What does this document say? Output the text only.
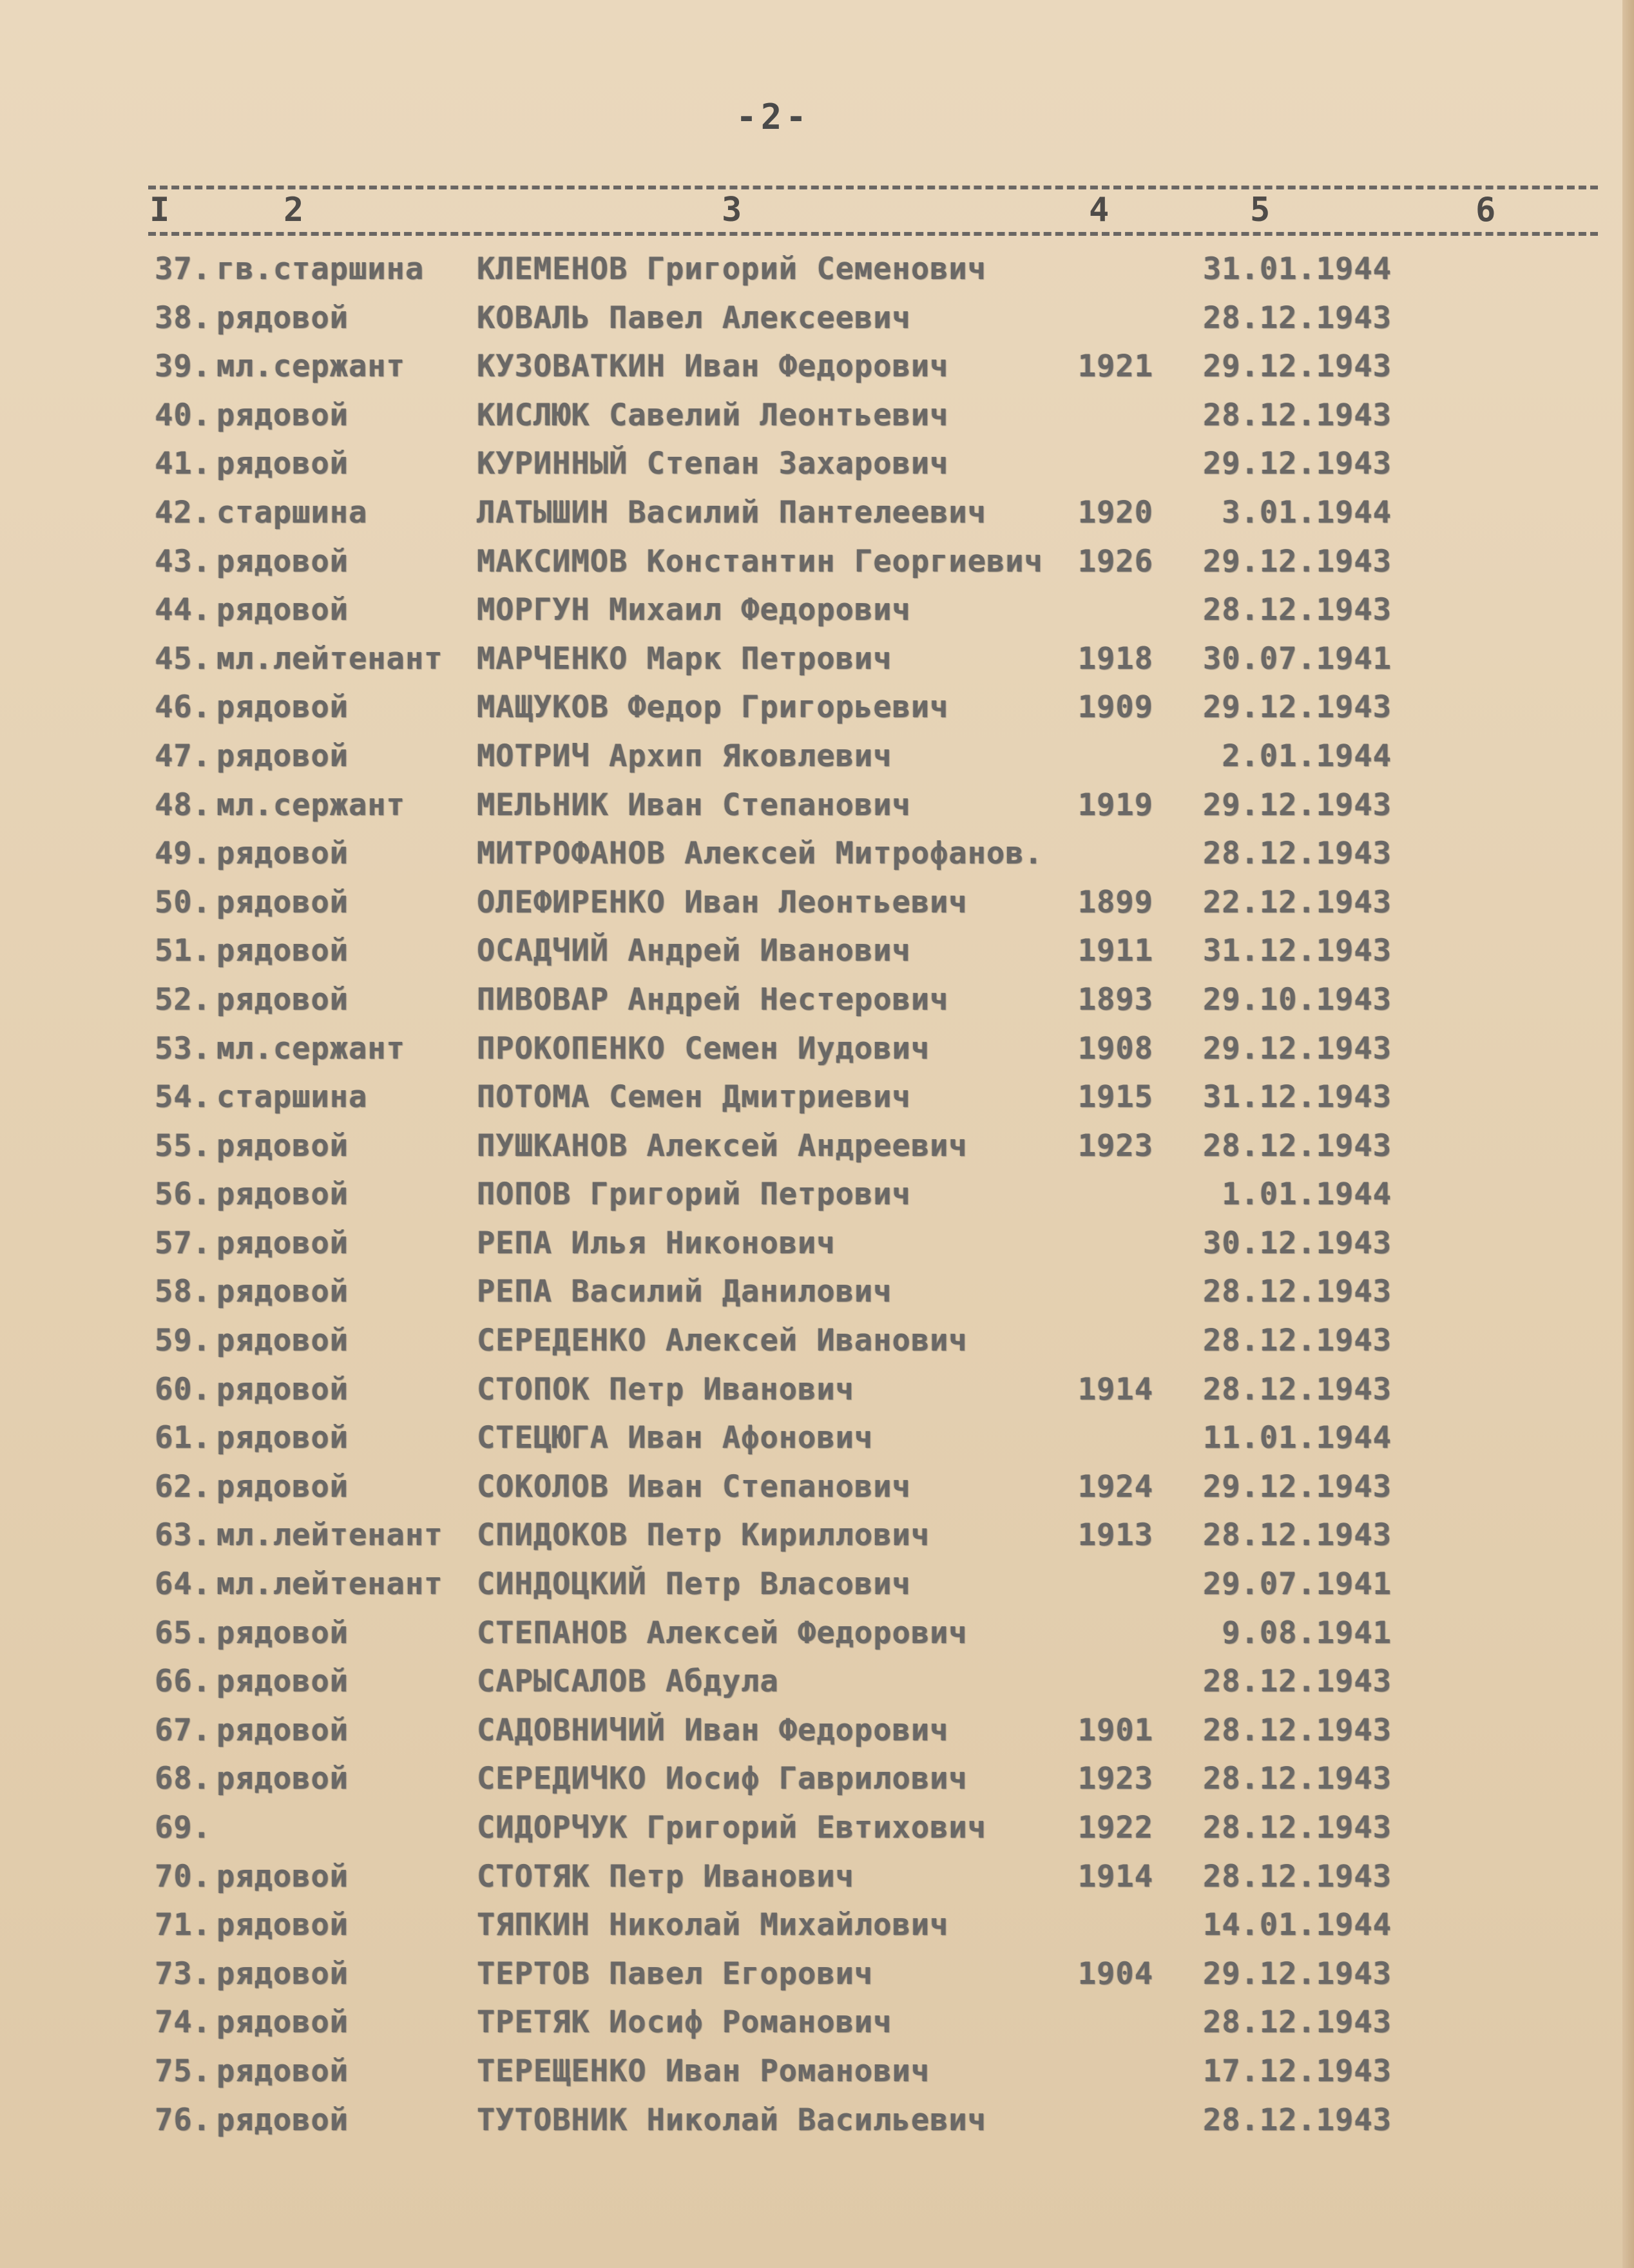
-2-
I	2	3	4	5	6
37. гв.старшина КЛЕМЕНОВ Григорий Семенович	31.01.1944
38. рядовой	КОВАЛЬ Павел Алексеевич	28.12.1943
39. мл.сержант КУЗОВАТКИН Иван Федорович	1921	29.12.1943
40. рядовой	КИСЛЮК Савелий Леонтьевич	28.12.1943
41. рядовой	КУРИННЫЙ Степан Захарович	29.12.1943
42. старшина	ЛАТЫШИН Василий Пантелеевич	1920	3.01.1944
43. рядовой	МАКСИМОВ Константин Георгиевич	1926	29.12.1943
44. рядовой	МОРГУН Михаил Федорович	28.12.1943
45. мл.лейтенант МАРЧЕНКО Марк Петрович	1918	30.07.1941
46. рядовой	МАЩУКОВ Федор Григорьевич	1909	29.12.1943
47. рядовой	МОТРИЧ Архип Яковлевич	2.01.1944
48. мл.сержант МЕЛЬНИК Иван Степанович	1919	29.12.1943
49. рядовой	МИТРОФАНОВ Алексей Митрофанов.	28.12.1943
50. рядовой	ОЛЕФИРЕНКО Иван Леонтьевич	1899	22.12.1943
51. рядовой	ОСАДЧИЙ Андрей Иванович	1911	31.12.1943
52. рядовой	ПИВОВАР Андрей Нестерович	1893	29.10.1943
53. мл.сержант ПРОКОПЕНКО Семен Иудович	1908	29.12.1943
54. старшина	ПОТОМА Семен Дмитриевич	1915	31.12.1943
55. рядовой	ПУШКАНОВ Алексей Андреевич	1923	28.12.1943
56. рядовой	ПОПОВ Григорий Петрович	1.01.1944
57. рядовой	РЕПА Илья Никонович	30.12.1943
58. рядовой	РЕПА Василий Данилович	28.12.1943
59. рядовой	СЕРЕДЕНКО Алексей Иванович	28.12.1943
60. рядовой	СТОПОК Петр Иванович	1914	28.12.1943
61. рядовой	СТЕЦЮГА Иван Афонович	11.01.1944
62. рядовой	СОКОЛОВ Иван Степанович	1924	29.12.1943
63. мл.лейтенант СПИДОКОВ Петр Кириллович	1913	28.12.1943
64. мл.лейтенант СИНДОЦКИЙ Петр Власович	29.07.1941
65. рядовой	СТЕПАНОВ Алексей Федорович	9.08.1941
66. рядовой	САРЫСАЛОВ Абдула	28.12.1943
67. рядовой	САДОВНИЧИЙ Иван Федорович	1901	28.12.1943
68. рядовой	СЕРЕДИЧКО Иосиф Гаврилович	1923	28.12.1943
69.	СИДОРЧУК Григорий Евтихович	1922	28.12.1943
70. рядовой	СТОТЯК Петр Иванович	1914	28.12.1943
71. рядовой	ТЯПКИН Николай Михайлович	14.01.1944
73. рядовой	ТЕРТОВ Павел Егорович	1904	29.12.1943
74. рядовой	ТРЕТЯК Иосиф Романович	28.12.1943
75. рядовой	ТЕРЕЩЕНКО Иван Романович	17.12.1943
76. рядовой	ТУТОВНИК Николай Васильевич	28.12.1943
